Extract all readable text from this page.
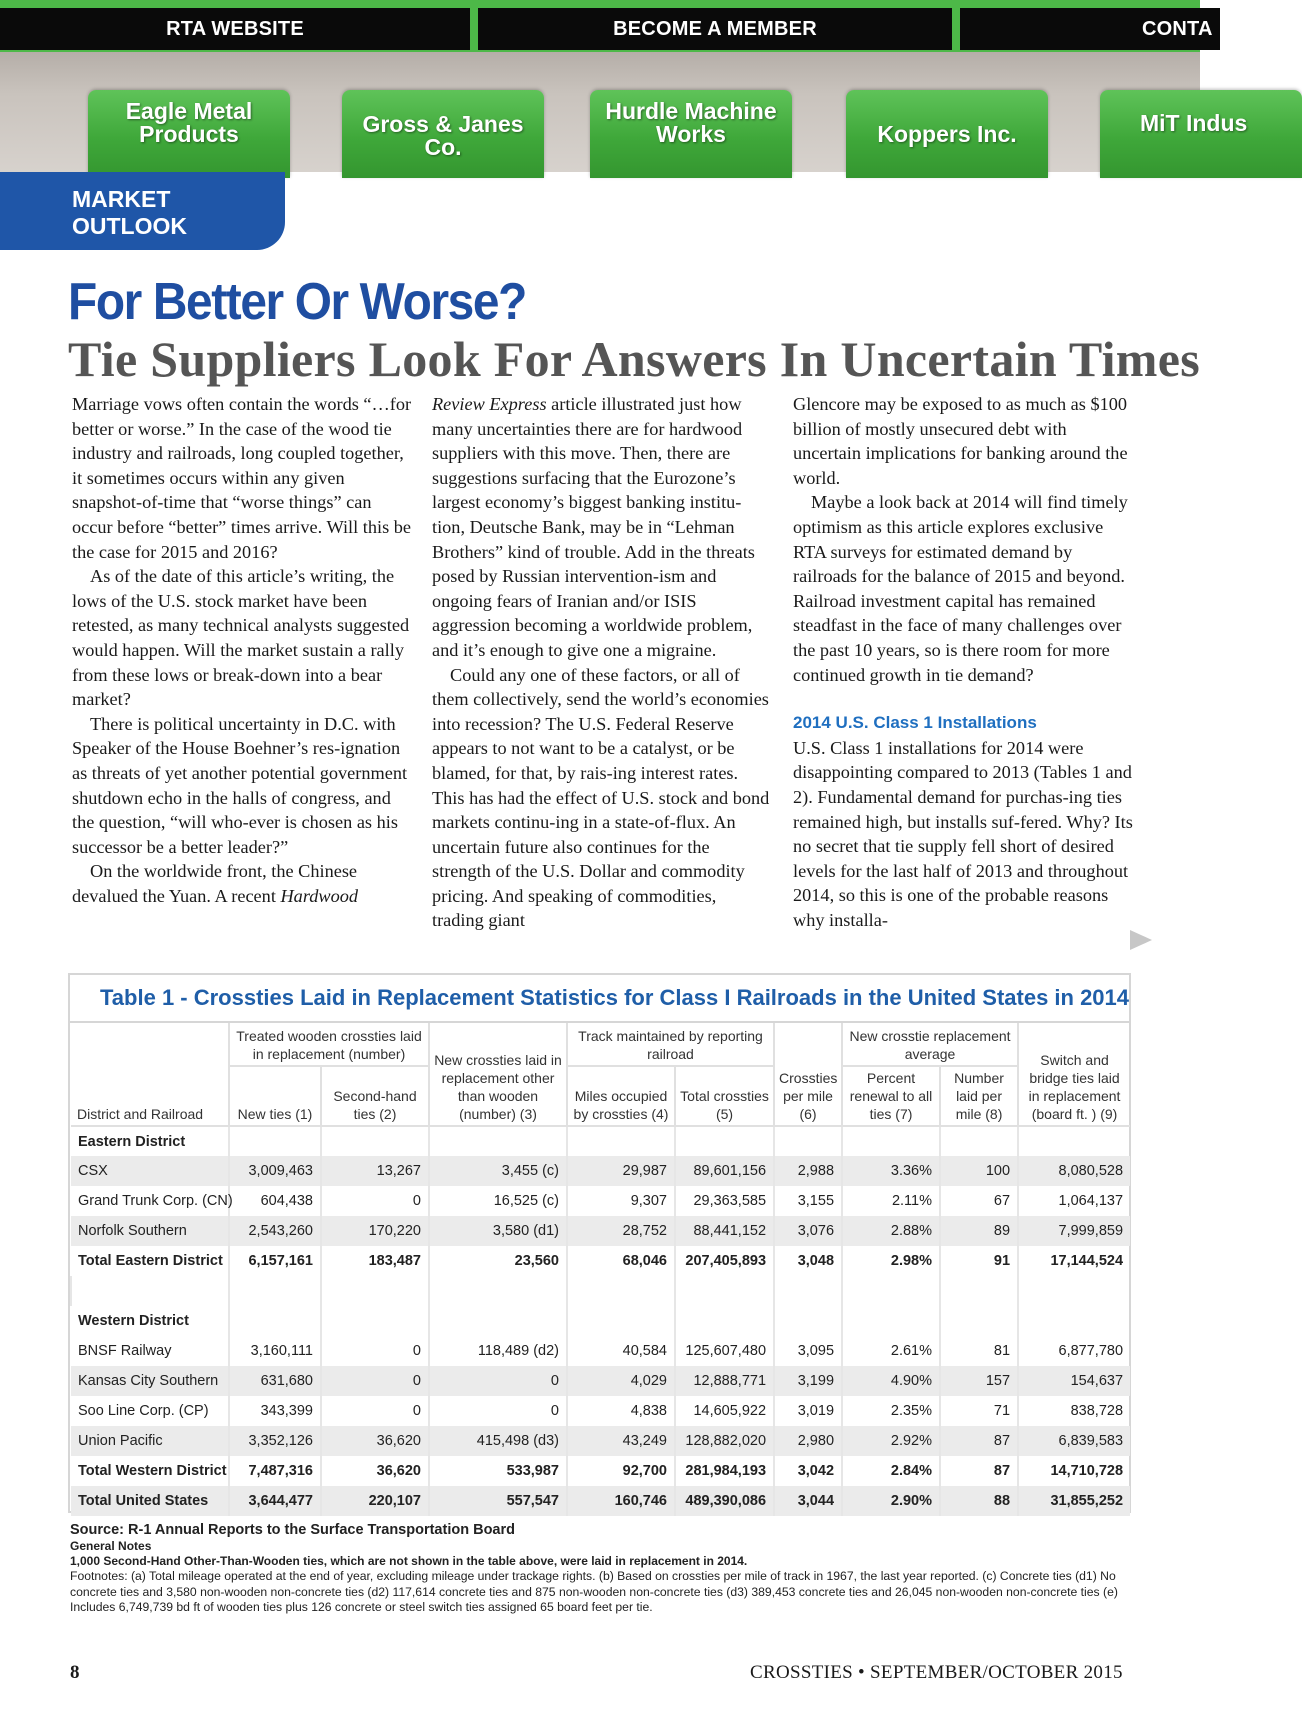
RTA WEBSITE	BECOME A MEMBER	CONTA
Eagle Metal Products	Gross & Janes Co.
Hurdle Machine Works	Koppers Inc.	MiT Indus
MARKET OUTLOOK
For Better Or Worse?
Tie Suppliers Look For Answers In Uncertain Times

Marriage vows often contain the words “…for better or worse.” In the case of the wood tie industry and railroads, long coupled together, it sometimes occurs within any given snapshot-of-time that “worse things” can occur before “better” times arrive. Will this be the case for 2015 and 2016?

As of the date of this article’s writing, the lows of the U.S. stock market have been retested, as many technical analysts suggested would happen. Will the market sustain a rally from these lows or break-down into a bear market?

There is political uncertainty in D.C. with Speaker of the House Boehner’s res-ignation as threats of yet another potential government shutdown echo in the halls of congress, and the question, “will who-ever is chosen as his successor be a better leader?”

On the worldwide front, the Chinese devalued the Yuan. A recent Hardwood

Review Express article illustrated just how many uncertainties there are for hardwood suppliers with this move. Then, there are suggestions surfacing that the Eurozone’s largest economy’s biggest banking institu-tion, Deutsche Bank, may be in “Lehman Brothers” kind of trouble. Add in the threats posed by Russian intervention-ism and ongoing fears of Iranian and/or ISIS aggression becoming a worldwide problem, and it’s enough to give one a migraine.

Could any one of these factors, or all of them collectively, send the world’s economies into recession? The U.S. Federal Reserve appears to not want to be a catalyst, or be blamed, for that, by rais-ing interest rates. This has had the effect of U.S. stock and bond markets continu-ing in a state-of-flux. An uncertain future also continues for the strength of the U.S. Dollar and commodity pricing. And speaking of commodities, trading giant

Glencore may be exposed to as much as $100 billion of mostly unsecured debt with uncertain implications for banking around the world.

Maybe a look back at 2014 will find timely optimism as this article explores exclusive RTA surveys for estimated demand by railroads for the balance of 2015 and beyond. Railroad investment capital has remained steadfast in the face of many challenges over the past 10 years, so is there room for more continued growth in tie demand?

2014 U.S. Class 1 Installations

U.S. Class 1 installations for 2014 were disappointing compared to 2013 (Tables 1 and 2). Fundamental demand for purchas-ing ties remained high, but installs suf-fered. Why? Its no secret that tie supply fell short of desired levels for the last half of 2013 and throughout 2014, so this is one of the probable reasons why installa-

Table 1 - Crossties Laid in Replacement Statistics for Class I Railroads in the United States in 2014
District and Railroad	Treated wooden crossties laid in replacement (number)		New crossties laid in replacement other than wooden (number) (3)	Track maintained by reporting railroad		Crossties per mile (6)	New crosstie replacement average		Switch and bridge ties laid in replacement (board ft. ) (9)
	New ties (1)	Second-hand ties (2)		Miles occupied by crossties (4)	Total crossties (5)		Percent renewal to all ties (7)	Number laid per mile (8)	
Eastern District									
CSX	3,009,463	13,267	3,455 (c)	29,987	89,601,156	2,988	3.36%	100	8,080,528
Grand Trunk Corp. (CN)	604,438	0	16,525 (c)	9,307	29,363,585	3,155	2.11%	67	1,064,137
Norfolk Southern	2,543,260	170,220	3,580 (d1)	28,752	88,441,152	3,076	2.88%	89	7,999,859
Total Eastern District	6,157,161	183,487	23,560	68,046	207,405,893	3,048	2.98%	91	17,144,524

Western District									
BNSF Railway	3,160,111	0	118,489 (d2)	40,584	125,607,480	3,095	2.61%	81	6,877,780
Kansas City Southern	631,680	0	0	4,029	12,888,771	3,199	4.90%	157	154,637
Soo Line Corp. (CP)	343,399	0	0	4,838	14,605,922	3,019	2.35%	71	838,728
Union Pacific	3,352,126	36,620	415,498 (d3)	43,249	128,882,020	2,980	2.92%	87	6,839,583
Total Western District	7,487,316	36,620	533,987	92,700	281,984,193	3,042	2.84%	87	14,710,728
Total United States	3,644,477	220,107	557,547	160,746	489,390,086	3,044	2.90%	88	31,855,252
Source: R-1 Annual Reports to the Surface Transportation Board
General Notes
1,000 Second-Hand Other-Than-Wooden ties, which are not shown in the table above, were laid in replacement in 2014.
Footnotes: (a) Total mileage operated at the end of year, excluding mileage under trackage rights. (b) Based on crossties per mile of track in 1967, the last year reported. (c) Concrete ties (d1) No concrete ties and 3,580 non-wooden non-concrete ties (d2) 117,614 concrete ties and 875 non-wooden non-concrete ties (d3) 389,453 concrete ties and 26,045 non-wooden non-concrete ties (e) Includes 6,749,739 bd ft of wooden ties plus 126 concrete or steel switch ties assigned 65 board feet per tie.
8	CROSSTIES • SEPTEMBER/OCTOBER 2015
